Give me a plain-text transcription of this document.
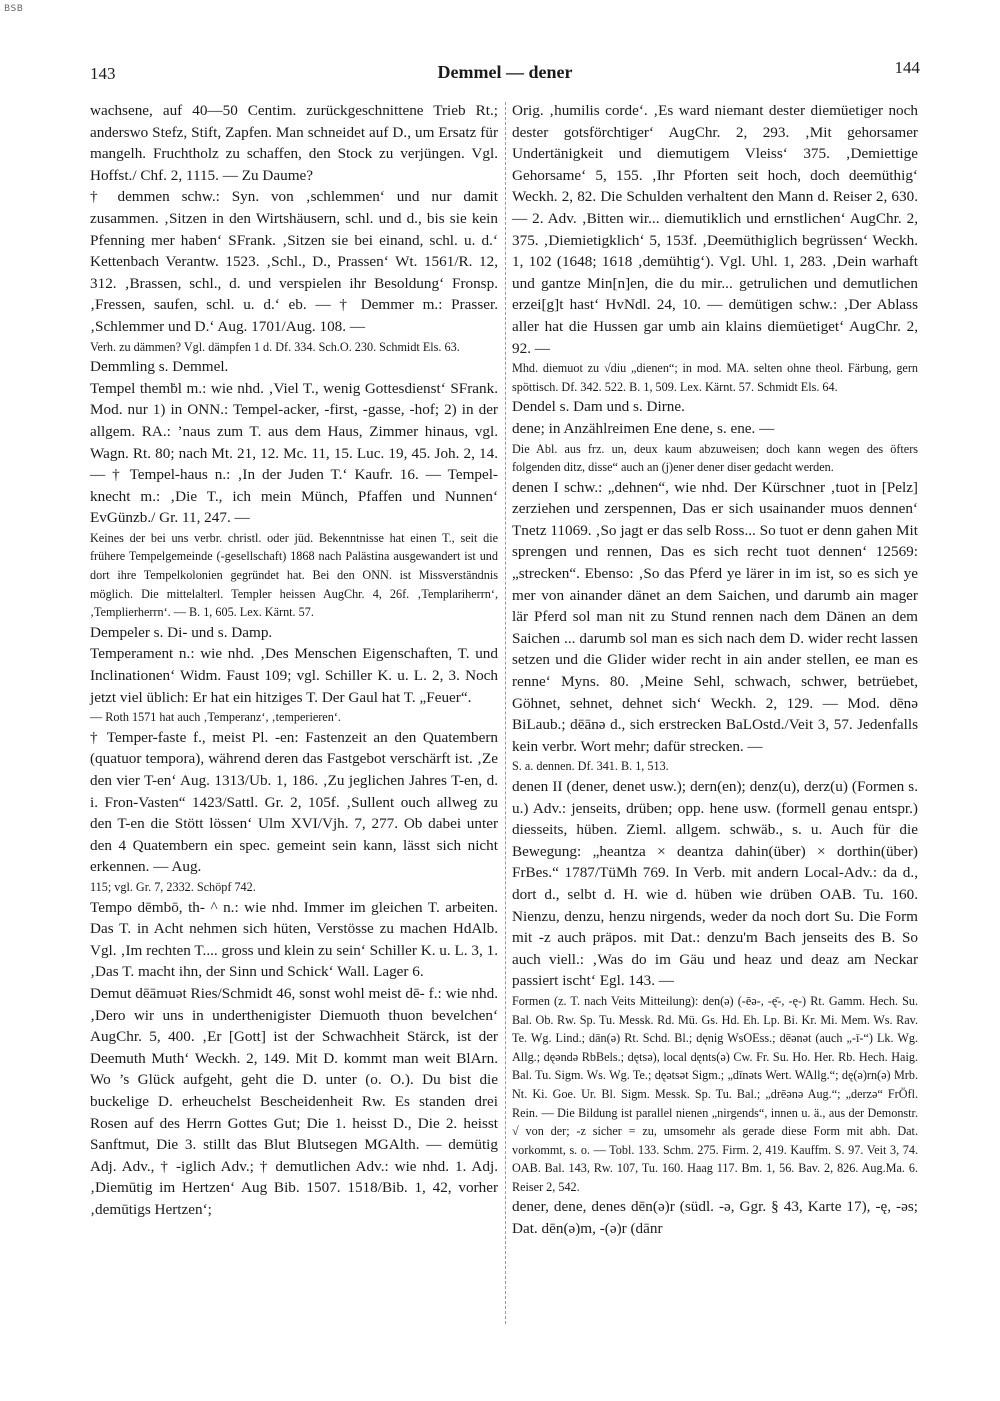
BSB
143	Demmel — dener	144

wachsene, auf 40—50 Centim. zurückgeschnittene Trieb Rt.; anderswo Stefz, Stift, Zapfen. Man schneidet auf D., um Ersatz für mangelh. Fruchtholz zu schaffen, den Stock zu verjüngen. Vgl. Hoffst./ Chf. 2, 1115. — Zu Daume?

† demmen schw.: Syn. von ‚schlemmen‘ und nur damit zusammen. ‚Sitzen in den Wirtshäusern, schl. und d., bis sie kein Pfenning mer haben‘ SFrank. ‚Sitzen sie bei einand, schl. u. d.‘ Kettenbach Verantw. 1523. ‚Schl., D., Prassen‘ Wt. 1561/R. 12, 312. ‚Brassen, schl., d. und verspielen ihr Besoldung‘ Fronsp. ‚Fressen, saufen, schl. u. d.‘ eb. — † Demmer m.: Prasser. ‚Schlemmer und D.‘ Aug. 1701/Aug. 108. —

Verh. zu dämmen? Vgl. dämpfen 1 d. Df. 334. Sch.O. 230. Schmidt Els. 63.

Demmling s. Demmel.

Tempel themḃl m.: wie nhd. ‚Viel T., wenig Gottesdienst‘ SFrank. Mod. nur 1) in ONN.: Tempel-acker, -first, -gasse, -hof; 2) in der allgem. RA.: ’naus zum T. aus dem Haus, Zimmer hinaus, vgl. Wagn. Rt. 80; nach Mt. 21, 12. Mc. 11, 15. Luc. 19, 45. Joh. 2, 14. — † Tempel-haus n.: ‚In der Juden T.‘ Kaufr. 16. — Tempel-knecht m.: ‚Die T., ich mein Münch, Pfaffen und Nunnen‘ EvGünzb./ Gr. 11, 247. —

Keines der bei uns verbr. christl. oder jüd. Bekenntnisse hat einen T., seit die frühere Tempelgemeinde (-gesellschaft) 1868 nach Palästina ausgewandert ist und dort ihre Tempelkolonien gegründet hat. Bei den ONN. ist Missverständnis möglich. Die mittelalterl. Templer heissen AugChr. 4, 26f. ‚Templariherrn‘, ‚Templierherrn‘. — B. 1, 605. Lex. Kärnt. 57.

Dempeler s. Di- und s. Damp.

Temperament n.: wie nhd. ‚Des Menschen Eigenschaften, T. und Inclinationen‘ Widm. Faust 109; vgl. Schiller K. u. L. 2, 3. Noch jetzt viel üblich: Er hat ein hitziges T. Der Gaul hat T. „Feuer“.

— Roth 1571 hat auch ‚Temperanz‘, ‚temperieren‘.

† Temper-faste f., meist Pl. -en: Fastenzeit an den Quatembern (quatuor tempora), während deren das Fastgebot verschärft ist. ‚Ze den vier T-en‘ Aug. 1313/Ub. 1, 186. ‚Zu jeglichen Jahres T-en, d. i. Fron-Vasten“ 1423/Sattl. Gr. 2, 105f. ‚Sullent ouch allweg zu den T-en die Stött lössen‘ Ulm XVI/Vjh. 7, 277. Ob dabei unter den 4 Quatembern ein spec. gemeint sein kann, lässt sich nicht erkennen. — Aug.

115; vgl. Gr. 7, 2332. Schöpf 742.

Tempo dēmbō, th- ^ n.: wie nhd. Immer im gleichen T. arbeiten. Das T. in Acht nehmen sich hüten, Verstösse zu machen HdAlb. Vgl. ‚Im rechten T.... gross und klein zu sein‘ Schiller K. u. L. 3, 1. ‚Das T. macht ihn, der Sinn und Schick‘ Wall. Lager 6.

Demut dēāmuət Ries/Schmidt 46, sonst wohl meist dē- f.: wie nhd. ‚Dero wir uns in underthenigister Diemuoth thuon bevelchen‘ AugChr. 5, 400. ‚Er [Gott] ist der Schwachheit Stärck, ist der Deemuth Muth‘ Weckh. 2, 149. Mit D. kommt man weit BlArn. Wo ’s Glück aufgeht, geht die D. unter (o. O.). Du bist die buckelige D. erheuchelst Bescheidenheit Rw. Es standen drei Rosen auf des Herrn Gottes Gut; Die 1. heisst D., Die 2. heisst Sanftmut, Die 3. stillt das Blut Blutsegen MGAlth. — demütig Adj. Adv., † -iglich Adv.; † demutlichen Adv.: wie nhd. 1. Adj. ‚Diemūtig im Hertzen‘ Aug Bib. 1507. 1518/Bib. 1, 42, vorher ‚demūtigs Hertzen‘;

Orig. ‚humilis corde‘. ‚Es ward niemant dester diemüetiger noch dester gotsförchtiger‘ AugChr. 2, 293. ‚Mit gehorsamer Undertänigkeit und diemutigem Vleiss‘ 375. ‚Demiettige Gehorsame‘ 5, 155. ‚Ihr Pforten seit hoch, doch deemüthig‘ Weckh. 2, 82. Die Schulden verhaltent den Mann d. Reiser 2, 630. — 2. Adv. ‚Bitten wir... diemutiklich und ernstlichen‘ AugChr. 2, 375. ‚Diemietigklich‘ 5, 153f. ‚Deemüthiglich begrüssen‘ Weckh. 1, 102 (1648; 1618 ‚demühtig‘). Vgl. Uhl. 1, 283. ‚Dein warhaft und gantze Min[n]en, die du mir... getrulichen und demutlichen erzei[g]t hast‘ HvNdl. 24, 10. — demütigen schw.: ‚Der Ablass aller hat die Hussen gar umb ain klains diemüetiget‘ AugChr. 2, 92. —

Mhd. diemuot zu √diu „dienen“; in mod. MA. selten ohne theol. Färbung, gern spöttisch. Df. 342. 522. B. 1, 509. Lex. Kärnt. 57. Schmidt Els. 64.

Dendel s. Dam und s. Dirne.

dene; in Anzählreimen Ene dene, s. ene. —

Die Abl. aus frz. un, deux kaum abzuweisen; doch kann wegen des öfters folgenden ditz, disse“ auch an (j)ener dener diser gedacht werden.

denen I schw.: „dehnen“, wie nhd. Der Kürschner ‚tuot in [Pelz] zerziehen und zerspennen, Das er sich usainander muos dennen‘ Tnetz 11069. ‚So jagt er das selb Ross... So tuot er denn gahen Mit sprengen und rennen, Das es sich recht tuot dennen‘ 12569: „strecken“. Ebenso: ‚So das Pferd ye lärer in im ist, so es sich ye mer von ainander dänet an dem Saichen, und darumb ain mager lär Pferd sol man nit zu Stund rennen nach dem Dänen an dem Saichen ... darumb sol man es sich nach dem D. wider recht lassen setzen und die Glider wider recht in ain ander stellen, ee man es renne‘ Myns. 80. ‚Meine Sehl, schwach, schwer, betrüebet, Göhnet, sehnet, dehnet sich‘ Weckh. 2, 129. — Mod. dēnə BiLaub.; dēānə d., sich erstrecken BaLOstd./Veit 3, 57. Jedenfalls kein verbr. Wort mehr; dafür strecken. —

S. a. dennen. Df. 341. B. 1, 513.

denen II (dener, denet usw.); dern(en); denz(u), derz(u) (Formen s. u.) Adv.: jenseits, drüben; opp. hene usw. (formell genau entspr.) diesseits, hüben. Zieml. allgem. schwäb., s. u. Auch für die Bewegung: „heantza × deantza dahin(über) × dorthin(über) FrBes.“ 1787/TüMh 769. In Verb. mit andern Local-Adv.: da d., dort d., selbt d. H. wie d. hüben wie drüben OAB. Tu. 160. Nienzu, denzu, henzu nirgends, weder da noch dort Su. Die Form mit -z auch präpos. mit Dat.: denzu'm Bach jenseits des B. So auch viell.: ‚Was do im Gäu und heaz und deaz am Neckar passiert ischt‘ Egl. 143. —

Formen (z. T. nach Veits Mitteilung): den(ə) (-ēə-, -ę̄-, -ę-) Rt. Gamm. Hech. Su. Bal. Ob. Rw. Sp. Tu. Messk. Rd. Mü. Gs. Hd. Eh. Lp. Bi. Kr. Mi. Mem. Ws. Rav. Te. Wg. Lind.; dān(ə) Rt. Schd. Bl.; dęnig WsOEss.; dēənət (auch „-ī-“) Lk. Wg. Allg.; dęəndə RbBels.; dętsə), local dęnts(ə) Cw. Fr. Su. Ho. Her. Rb. Hech. Haig. Bal. Tu. Sigm. Ws. Wg. Te.; dęətsət Sigm.; „dīnəts Wert. WAllg.“; dę(ə)rn(ə) Mrb. Nt. Ki. Goe. Ur. Bl. Sigm. Messk. Sp. Tu. Bal.; „drēənə Aug.“; „derzə“ FrÖfl. Rein. — Die Bildung ist parallel nienen „nirgends“, innen u. ä., aus der Demonstr. √ von der; -z sicher = zu, umsomehr als gerade diese Form mit abh. Dat. vorkommt, s. o. — Tobl. 133. Schm. 275. Firm. 2, 419. Kauffm. S. 97. Veit 3, 74. OAB. Bal. 143, Rw. 107, Tu. 160. Haag 117. Bm. 1, 56. Bav. 2, 826. Aug.Ma. 6. Reiser 2, 542.

dener, dene, denes dēn(ə)r (südl. -ə, Ggr. § 43, Karte 17), -ę, -əs; Dat. dēn(ə)m, -(ə)r (dānr
